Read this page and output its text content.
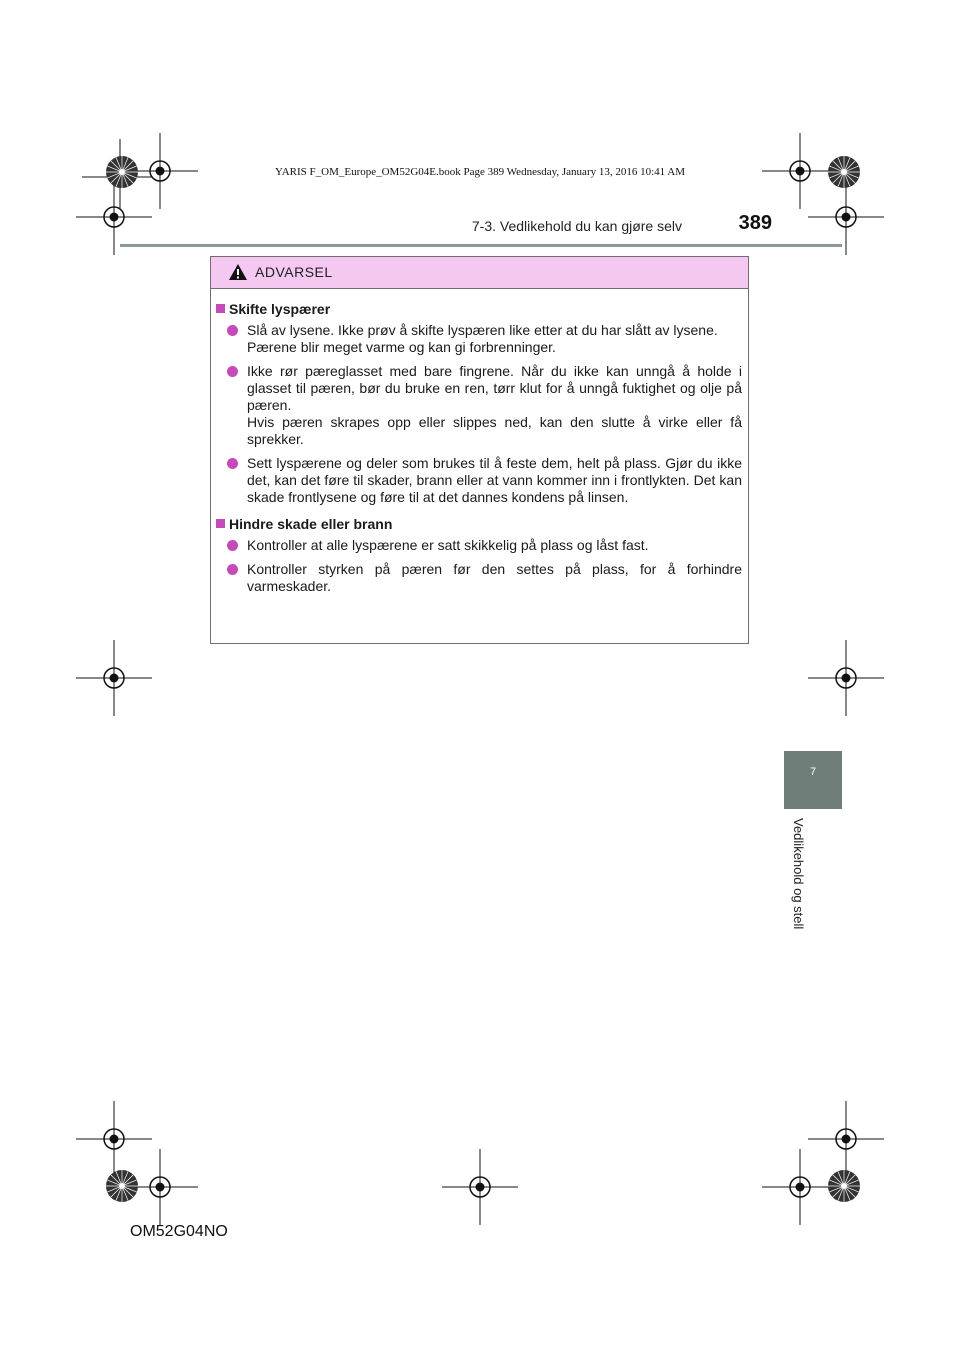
YARIS F_OM_Europe_OM52G04E.book Page 389 Wednesday, January 13, 2016 10:41 AM
7-3. Vedlikehold du kan gjøre selv	389
7
Vedlikehold og stell
ADVARSEL
Skifte lyspærer

Slå av lysene. Ikke prøv å skifte lyspæren like etter at du har slått av lysene.

Pærene blir meget varme og kan gi forbrenninger.

Ikke rør pæreglasset med bare fingrene. Når du ikke kan unngå å holde i glasset til pæren, bør du bruke en ren, tørr klut for å unngå fuktighet og olje på pæren.

Hvis pæren skrapes opp eller slippes ned, kan den slutte å virke eller få sprekker.

Sett lyspærene og deler som brukes til å feste dem, helt på plass. Gjør du ikke det, kan det føre til skader, brann eller at vann kommer inn i frontlykten. Det kan skade frontlysene og føre til at det dannes kondens på linsen.

Hindre skade eller brann

Kontroller at alle lyspærene er satt skikkelig på plass og låst fast.

Kontroller styrken på pæren før den settes på plass, for å forhindre varmeskader.

OM52G04NO
